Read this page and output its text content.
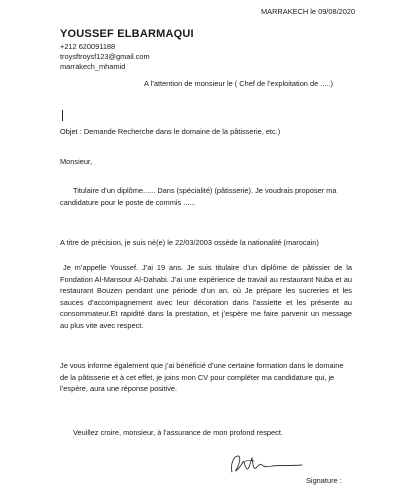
MARRAKECH le 09/08/2020
YOUSSEF ELBARMAQUI
+212 620091188
troysftroysf123@gmail.com
marrakech_mhamid
A l’attention de monsieur le ( Chef de l’exploitation de .....)
Objet : Demande Recherche dans le domaine de la pâtisserie, etc.)
Monsieur,
Titulaire d’un diplôme...... Dans (spécialité) (pâtisserie). Je voudrais proposer ma candidature pour le poste de commis ......
A titre de précision, je suis né(e) le 22/03/2003 ossède la nationalité (marocain)
Je m’appelle Youssef. J’ai 19 ans. Je suis titulaire d’un diplôme de pâtissier de la Fondation Al-Mansour Al-Dahabi. J’ai une expérience de travail au restaurant Nuba et au restaurant Bouzen pendant une période d’un an, où Je prépare les sucreries et les sauces d’accompagnement avec leur décoration dans l’assiette et les présente au consommateur.Et rapidité dans la prestation, et j’espère me faire parvenir un message au plus vite avec respect.
Je vous informe également que j’ai bénéficié d’une certaine formation dans le domaine de la pâtisserie et à cet effet, je joins mon CV pour compléter ma candidature qui, je l’espère, aura une réponse positive.
Veuillez croire, monsieur, à l’assurance de mon profond respect.
Signature :
